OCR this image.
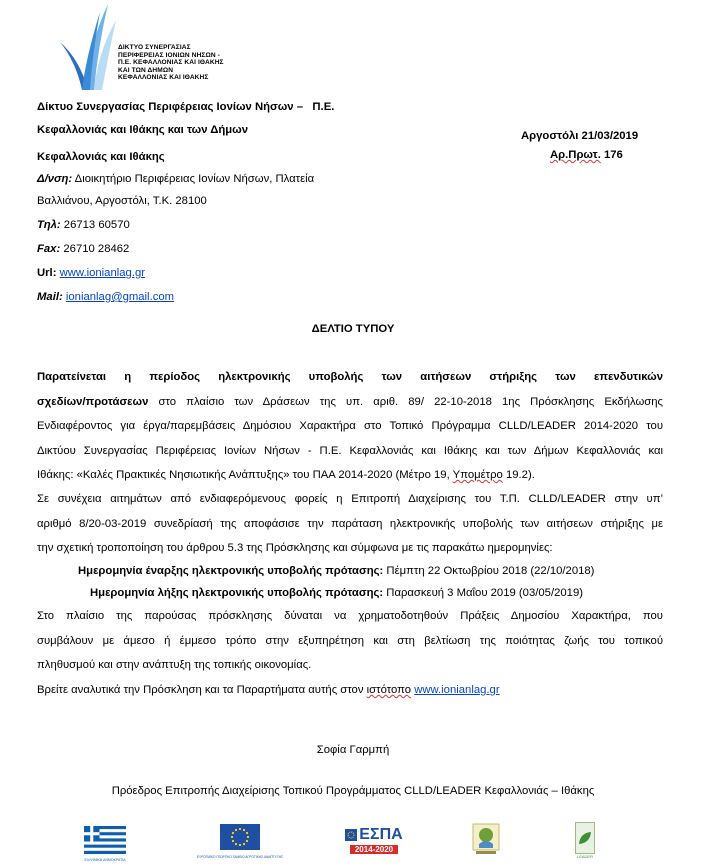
ΔΙΚΤΥΟ ΣΥΝΕΡΓΑΣΙΑΣ
ΠΕΡΙΦΕΡΕΙΑΣ ΙΟΝΙΩΝ ΝΗΣΩΝ -
Π.Ε. ΚΕΦΑΛΛΟΝΙΑΣ ΚΑΙ ΙΘΑΚΗΣ
ΚΑΙ ΤΩΝ ΔΗΜΩΝ
ΚΕΦΑΛΛΟΝΙΑΣ ΚΑΙ ΙΘΑΚΗΣ
Δίκτυο Συνεργασίας Περιφέρειας Ιονίων Νήσων –   Π.Ε.
Κεφαλλονιάς και Ιθάκης και των Δήμων
Κεφαλλονιάς και Ιθάκης
Δ/νση: Διοικητήριο Περιφέρειας Ιονίων Νήσων, Πλατεία
Βαλλιάνου, Αργοστόλι, Τ.Κ. 28100
Τηλ: 26713 60570
Fax: 26710 28462
Url: www.ionianlag.gr
Mail: ionianlag@gmail.com
Αργοστόλι 21/03/2019
Αρ.Πρωτ. 176
ΔΕΛΤΙΟ ΤΥΠΟΥ
Παρατείνεται η περίοδος ηλεκτρονικής υποβολής των αιτήσεων στήριξης των επενδυτικών
σχεδίων/προτάσεων στο πλαίσιο των Δράσεων της υπ. αριθ. 89/ 22-10-2018 1ης Πρόσκλησης Εκδήλωσης
Ενδιαφέροντος για έργα/παρεμβάσεις Δημόσιου Χαρακτήρα στο Τοπικό Πρόγραμμα CLLD/LEADER 2014-2020 του
Δικτύου Συνεργασίας Περιφέρειας Ιονίων Νήσων - Π.Ε. Κεφαλλονιάς και Ιθάκης και των Δήμων Κεφαλλονιάς και
Ιθάκης: «Καλές Πρακτικές Νησιωτικής Ανάπτυξης» του ΠΑΑ 2014-2020 (Μέτρο 19, Υπομέτρο 19.2).
Σε συνέχεια αιτημάτων από ενδιαφερόμενους φορείς η Επιτροπή Διαχείρισης του Τ.Π. CLLD/LEADER στην υπ’
αριθμό 8/20-03-2019 συνεδρίασή της αποφάσισε την παράταση ηλεκτρονικής υποβολής των αιτήσεων στήριξης με
την σχετική τροποποίηση του άρθρου 5.3 της Πρόσκλησης και σύμφωνα με τις παρακάτω ημερομηνίες:
Ημερομηνία έναρξης ηλεκτρονικής υποβολής πρότασης: Πέμπτη 22 Οκτωβρίου 2018 (22/10/2018)
Ημερομηνία λήξης ηλεκτρονικής υποβολής πρότασης: Παρασκευή 3 Μαΐου 2019 (03/05/2019)
Στο πλαίσιο της παρούσας πρόσκλησης δύναται να χρηματοδοτηθούν Πράξεις Δημοσίου Χαρακτήρα, που
συμβάλουν με άμεσο ή έμμεσο τρόπο στην εξυπηρέτηση και στη βελτίωση της ποιότητας ζωής του τοπικού
πληθυσμού και στην ανάπτυξη της τοπικής οικονομίας.
Βρείτε αναλυτικά την Πρόσκληση και τα Παραρτήματα αυτής στον ιστότοπο www.ionianlag.gr
Σοφία Γαρμπή
Πρόεδρος Επιτροπής Διαχείρισης Τοπικού Προγράμματος CLLD/LEADER Κεφαλλονιάς – Ιθάκης
ΕΛΛΗΝΙΚΗ ΔΗΜΟΚΡΑΤΙΑ
ΕΥΡΩΠΑΪΚΟ ΓΕΩΡΓΙΚΟ ΤΑΜΕΙΟ ΑΓΡΟΤΙΚΗΣ ΑΝΑΠΤΥΞΗΣ
ΕΣΠΑ
2014-2020
LEADER
